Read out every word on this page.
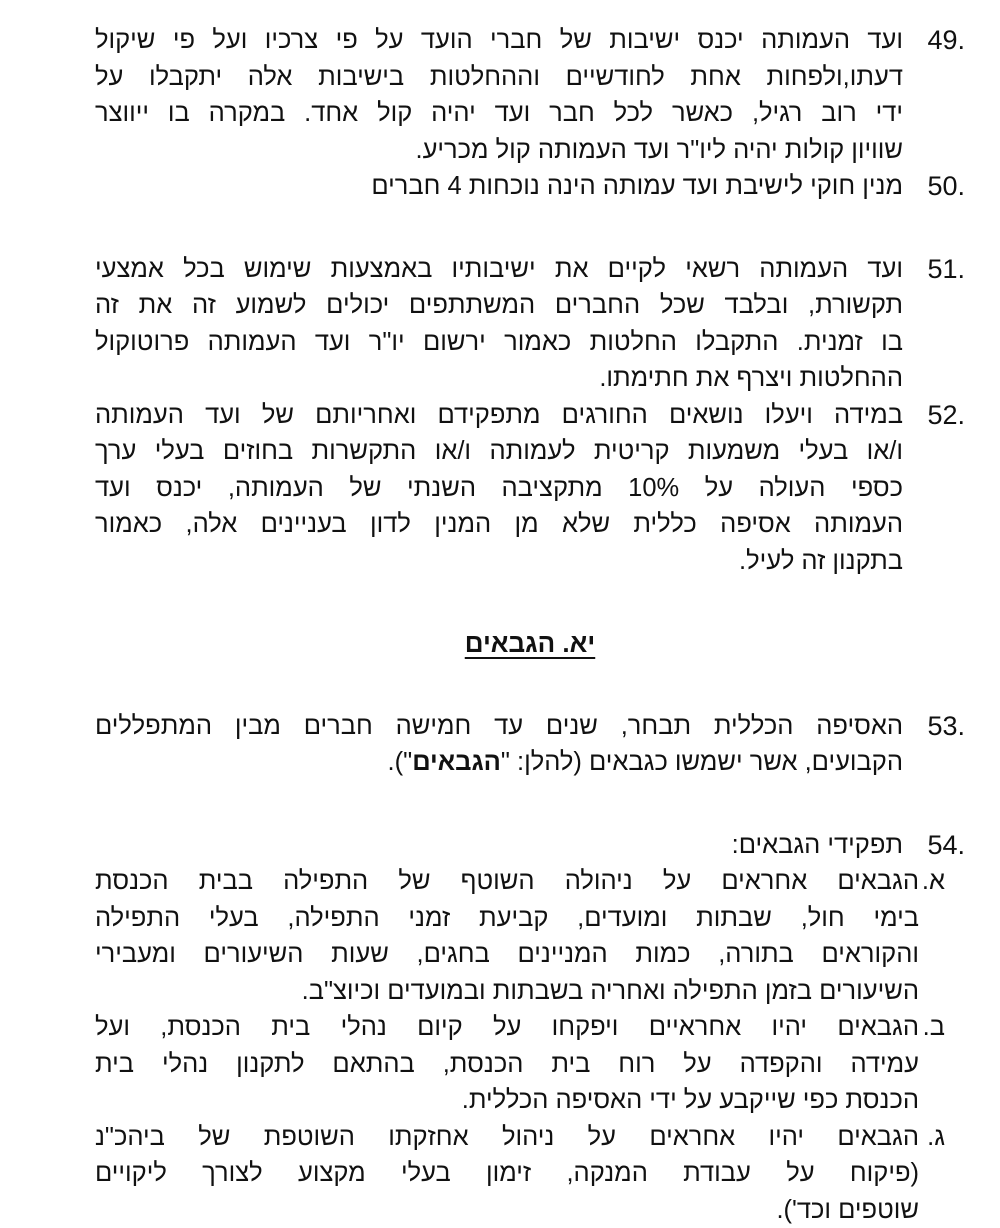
49.
ועד העמותה יכנס ישיבות של חברי הועד על פי צרכיו ועל פי שיקול
דעתו,ולפחות אחת לחודשיים וההחלטות בישיבות אלה יתקבלו על
ידי רוב רגיל, כאשר לכל חבר ועד יהיה קול אחד. במקרה בו ייווצר
שוויון קולות יהיה ליו"ר ועד העמותה קול מכריע.
50.
מנין חוקי לישיבת ועד עמותה הינה נוכחות 4 חברים
51.
ועד העמותה רשאי לקיים את ישיבותיו באמצעות שימוש בכל אמצעי
תקשורת, ובלבד שכל החברים המשתתפים יכולים לשמוע זה את זה
בו זמנית. התקבלו החלטות כאמור ירשום יו"ר ועד העמותה פרוטוקול
ההחלטות ויצרף את חתימתו.
52.
במידה ויעלו נושאים החורגים מתפקידם ואחריותם של ועד העמותה
ו/או בעלי משמעות קריטית לעמותה ו/או התקשרות בחוזים בעלי ערך
כספי העולה על 10% מתקציבה השנתי של העמותה, יכנס ועד
העמותה אסיפה כללית שלא מן המנין לדון בעניינים אלה, כאמור
בתקנון זה לעיל.
יא. הגבאים
53.
האסיפה הכללית תבחר, שנים עד חמישה חברים מבין המתפללים
הקבועים, אשר ישמשו כגבאים (להלן: "הגבאים").
54.
תפקידי הגבאים:
א.
הגבאים אחראים על ניהולה השוטף של התפילה בבית הכנסת
בימי חול, שבתות ומועדים, קביעת זמני התפילה, בעלי התפילה
והקוראים בתורה, כמות המניינים בחגים, שעות השיעורים ומעבירי
השיעורים בזמן התפילה ואחריה בשבתות ובמועדים וכיוצ"ב.
ב.
הגבאים יהיו אחראיים ויפקחו על קיום נהלי בית הכנסת, ועל
עמידה והקפדה על רוח בית הכנסת, בהתאם לתקנון נהלי בית
הכנסת כפי שייקבע על ידי האסיפה הכללית.
ג.
הגבאים יהיו אחראים על ניהול אחזקתו השוטפת של ביהכ"נ
(פיקוח על עבודת המנקה, זימון בעלי מקצוע לצורך ליקויים
שוטפים וכד').
